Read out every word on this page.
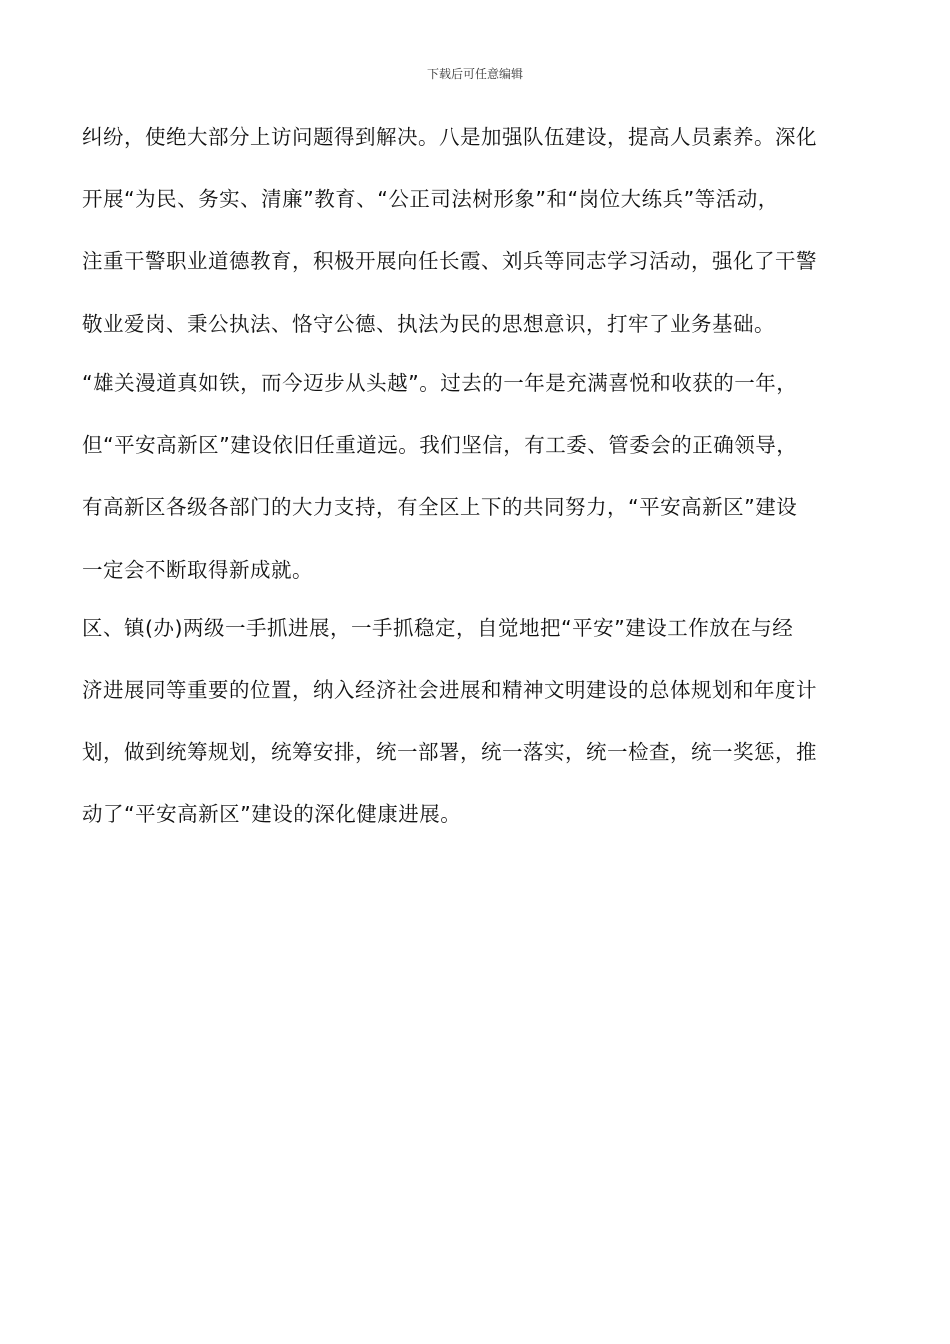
下载后可任意编辑
纠纷，使绝大部分上访问题得到解决。八是加强队伍建设，提高人员素养。深化
开展“为民、务实、清廉”教育、“公正司法树形象”和“岗位大练兵”等活动，
注重干警职业道德教育，积极开展向任长霞、刘兵等同志学习活动，强化了干警
敬业爱岗、秉公执法、恪守公德、执法为民的思想意识，打牢了业务基础。
“雄关漫道真如铁，而今迈步从头越”。过去的一年是充满喜悦和收获的一年，
但“平安高新区”建设依旧任重道远。我们坚信，有工委、管委会的正确领导，
有高新区各级各部门的大力支持，有全区上下的共同努力，“平安高新区”建设
一定会不断取得新成就。
区、镇(办)两级一手抓进展，一手抓稳定，自觉地把“平安”建设工作放在与经
济进展同等重要的位置，纳入经济社会进展和精神文明建设的总体规划和年度计
划，做到统筹规划，统筹安排，统一部署，统一落实，统一检查，统一奖惩，推
动了“平安高新区”建设的深化健康进展。
